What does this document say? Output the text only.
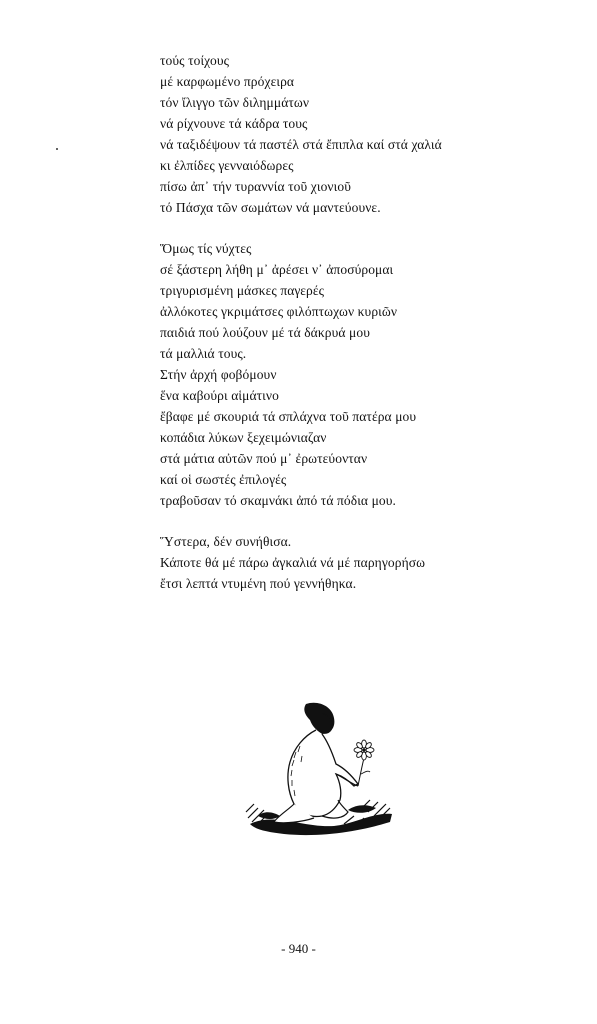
τούς τοίχους
μέ καρφωμένο πρόχειρα
τόν ἴλιγγο τῶν διλημμάτων
νά ρίχνουνε τά κάδρα τους
νά ταξιδέψουν τά παστέλ στά ἔπιπλα καί στά χαλιά
κι ἐλπίδες γενναιόδωρες
πίσω ἀπ᾿ τήν τυραννία τοῦ χιονιοῦ
τό Πάσχα τῶν σωμάτων νά μαντεύουνε.
Ὅμως τίς νύχτες
σέ ξάστερη λήθη μ᾿ ἀρέσει ν᾿ ἀποσύρομαι
τριγυρισμένη μάσκες παγερές
ἀλλόκοτες γκριμάτσες φιλόπτωχων κυριῶν
παιδιά πού λούζουν μέ τά δάκρυά μου
τά μαλλιά τους.
Στήν ἀρχή φοβόμουν
ἕνα καβούρι αἱμάτινο
ἔβαφε μέ σκουριά τά σπλάχνα τοῦ πατέρα μου
κοπάδια λύκων ξεχειμώνιαζαν
στά μάτια αὐτῶν πού μ᾿ ἐρωτεύονταν
καί οἱ σωστές ἐπιλογές
τραβοῦσαν τό σκαμνάκι ἀπό τά πόδια μου.
Ὕστερα, δέν συνήθισα.
Κάποτε θά μέ πάρω ἀγκαλιά νά μέ παρηγορήσω
ἔτσι λεπτά ντυμένη πού γεννήθηκα.
- 940 -
